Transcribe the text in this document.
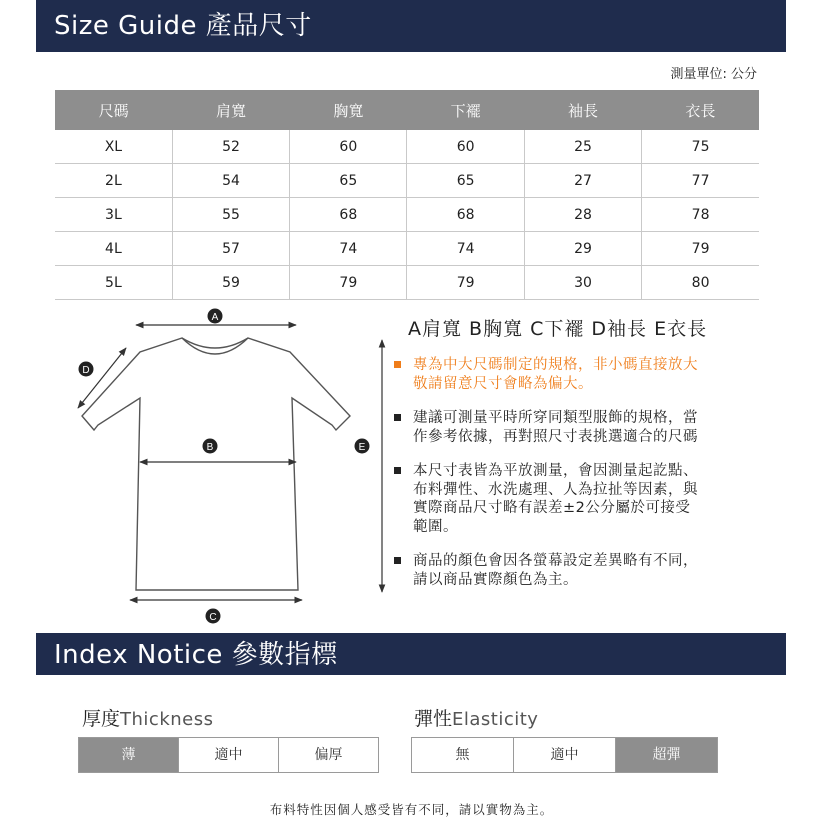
Size Guide 產品尺寸
測量單位: 公分
尺碼	肩寬	胸寬	下襬	袖長	衣長
XL	52	60	60	25	75
2L	54	65	65	27	77
3L	55	68	68	28	78
4L	57	74	74	29	79
5L	59	79	79	30	80
A
B
C
D
E
A肩寬 B胸寬 C下襬 D袖長 E衣長
專為中大尺碼制定的規格，非小碼直接放大
敬請留意尺寸會略為偏大。
建議可測量平時所穿同類型服飾的規格，當
作參考依據，再對照尺寸表挑選適合的尺碼
本尺寸表皆為平放測量，會因測量起訖點、
布料彈性、水洗處理、人為拉扯等因素，與
實際商品尺寸略有誤差±2公分屬於可接受
範圍。
商品的顏色會因各螢幕設定差異略有不同，
請以商品實際顏色為主。
Index Notice 參數指標
厚度Thickness
薄	適中	偏厚
彈性Elasticity
無	適中	超彈
布料特性因個人感受皆有不同，請以實物為主。
